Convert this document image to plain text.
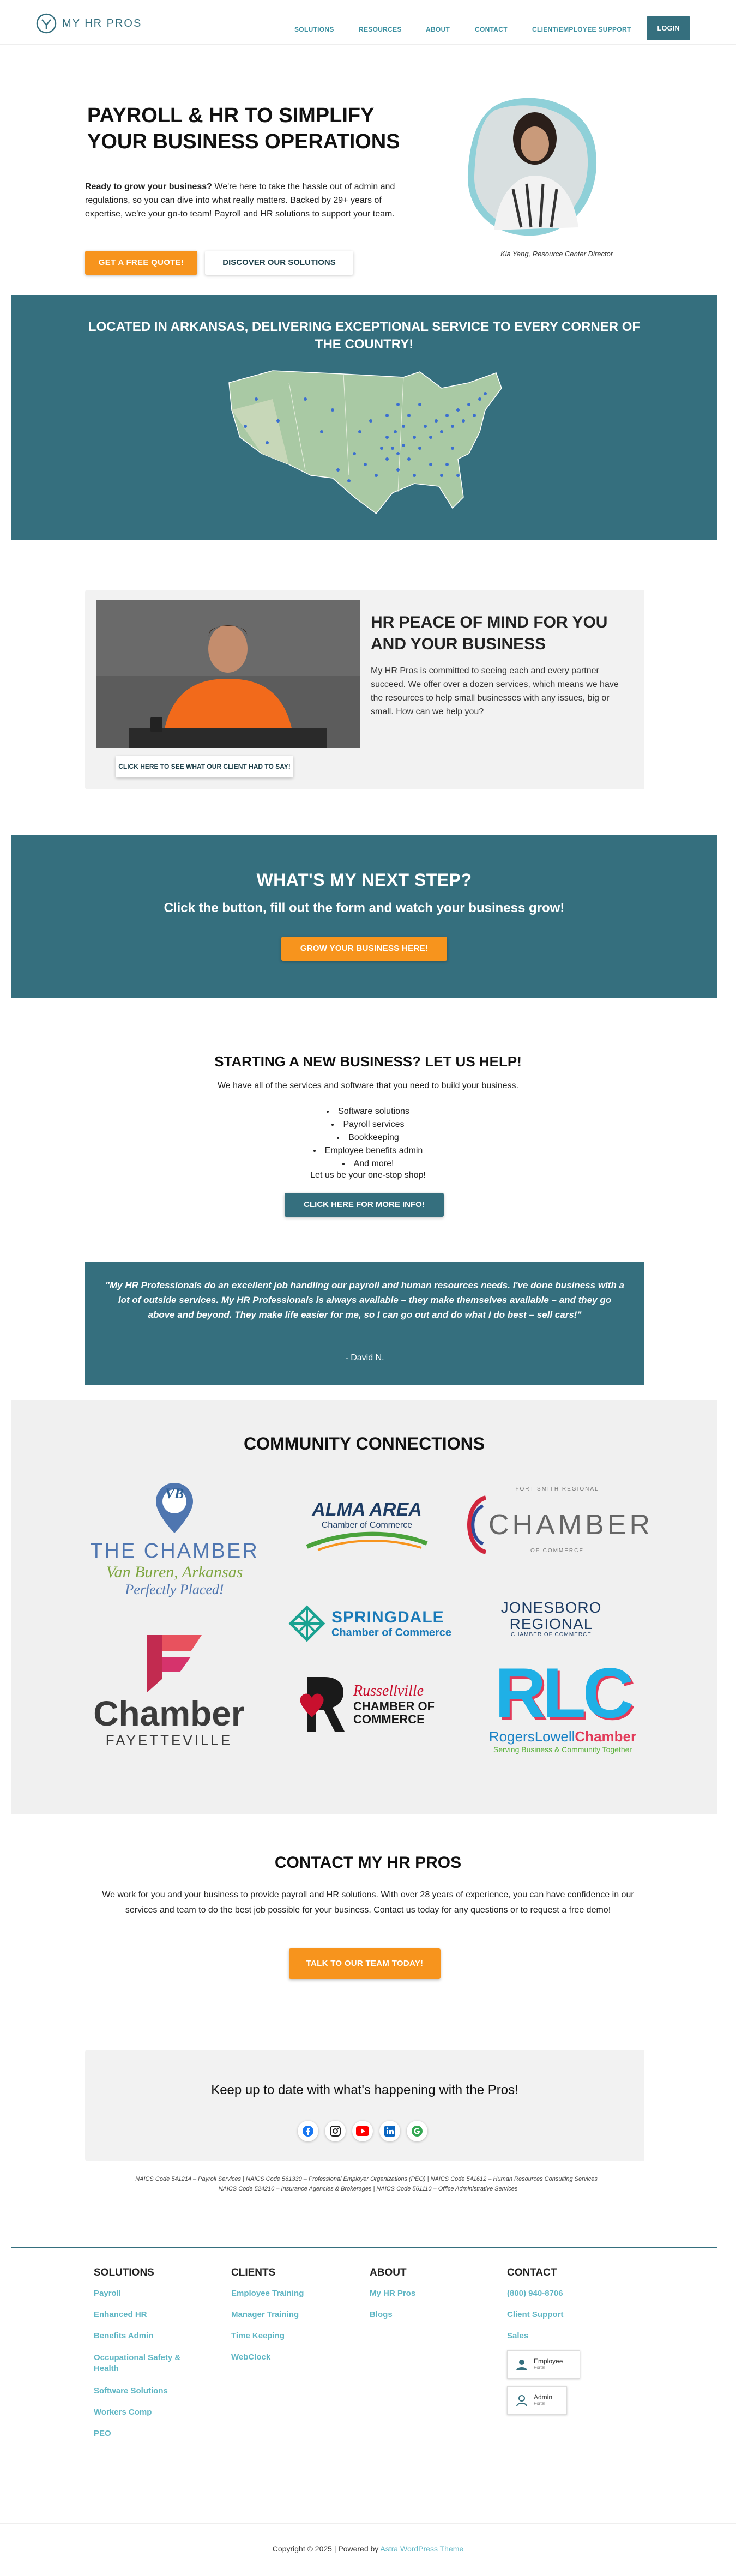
MY HR PROS
SOLUTIONS	RESOURCES	ABOUT	CONTACT	CLIENT/EMPLOYEE SUPPORT	LOGIN
PAYROLL & HR TO SIMPLIFY
YOUR BUSINESS OPERATIONS

Ready to grow your business? We're here to take the hassle out of admin and regulations, so you can dive into what really matters. Backed by 29+ years of expertise, we're your go-to team! Payroll and HR solutions to support your team.

GET A FREE QUOTE!	DISCOVER OUR SOLUTIONS
Kia Yang, Resource Center Director
LOCATED IN ARKANSAS, DELIVERING EXCEPTIONAL SERVICE TO EVERY CORNER OF THE COUNTRY!
CLICK HERE TO SEE WHAT OUR CLIENT HAD TO SAY!
HR PEACE OF MIND FOR YOU AND YOUR BUSINESS

My HR Pros is committed to seeing each and every partner succeed. We offer over a dozen services, which means we have the resources to help small businesses with any issues, big or small. How can we help you?

WHAT'S MY NEXT STEP?
Click the button, fill out the form and watch your business grow!
GROW YOUR BUSINESS HERE!
STARTING A NEW BUSINESS? LET US HELP!
We have all of the services and software that you need to build your business.
• Software solutions
• Payroll services
• Bookkeeping
• Employee benefits admin
• And more!
Let us be your one-stop shop!
CLICK HERE FOR MORE INFO!

"My HR Professionals do an excellent job handling our payroll and human resources needs. I've done business with a lot of outside services. My HR Professionals is always available – they make themselves available – and they go above and beyond. They make life easier for me, so I can go out and do what I do best – sell cars!"

- David N.
COMMUNITY CONNECTIONS
VB
THE CHAMBER
Van Buren, Arkansas
Perfectly Placed!
ALMA AREA
Chamber of Commerce
FORT SMITH REGIONAL
CHAMBER
OF COMMERCE
SPRINGDALE
Chamber of Commerce
JONESBORO
REGIONAL
CHAMBER OF COMMERCE
Chamber
FAYETTEVILLE
Russellville
CHAMBER OF COMMERCE RLC
RogersLowellChamber
Serving Business & Community Together
CONTACT MY HR PROS

We work for you and your business to provide payroll and HR solutions. With over 28 years of experience, you can have confidence in our services and team to do the best job possible for your business. Contact us today for any questions or to request a free demo!

TALK TO OUR TEAM TODAY!
Keep up to date with what's happening with the Pros!
NAICS Code 541214 – Payroll Services | NAICS Code 561330 – Professional Employer Organizations (PEO) | NAICS Code 541612 – Human Resources Consulting Services |
NAICS Code 524210 – Insurance Agencies & Brokerages | NAICS Code 561110 – Office Administrative Services
SOLUTIONS
Payroll
Enhanced HR
Benefits Admin
Occupational Safety & Health
Software Solutions
Workers Comp
PEO
CLIENTS
Employee Training
Manager Training
Time Keeping
WebClock
ABOUT
My HR Pros
Blogs
CONTACT
(800) 940-8706
Client Support
Sales
Employee
Portal
Admin
Portal
Copyright © 2025 | Powered by Astra WordPress Theme
